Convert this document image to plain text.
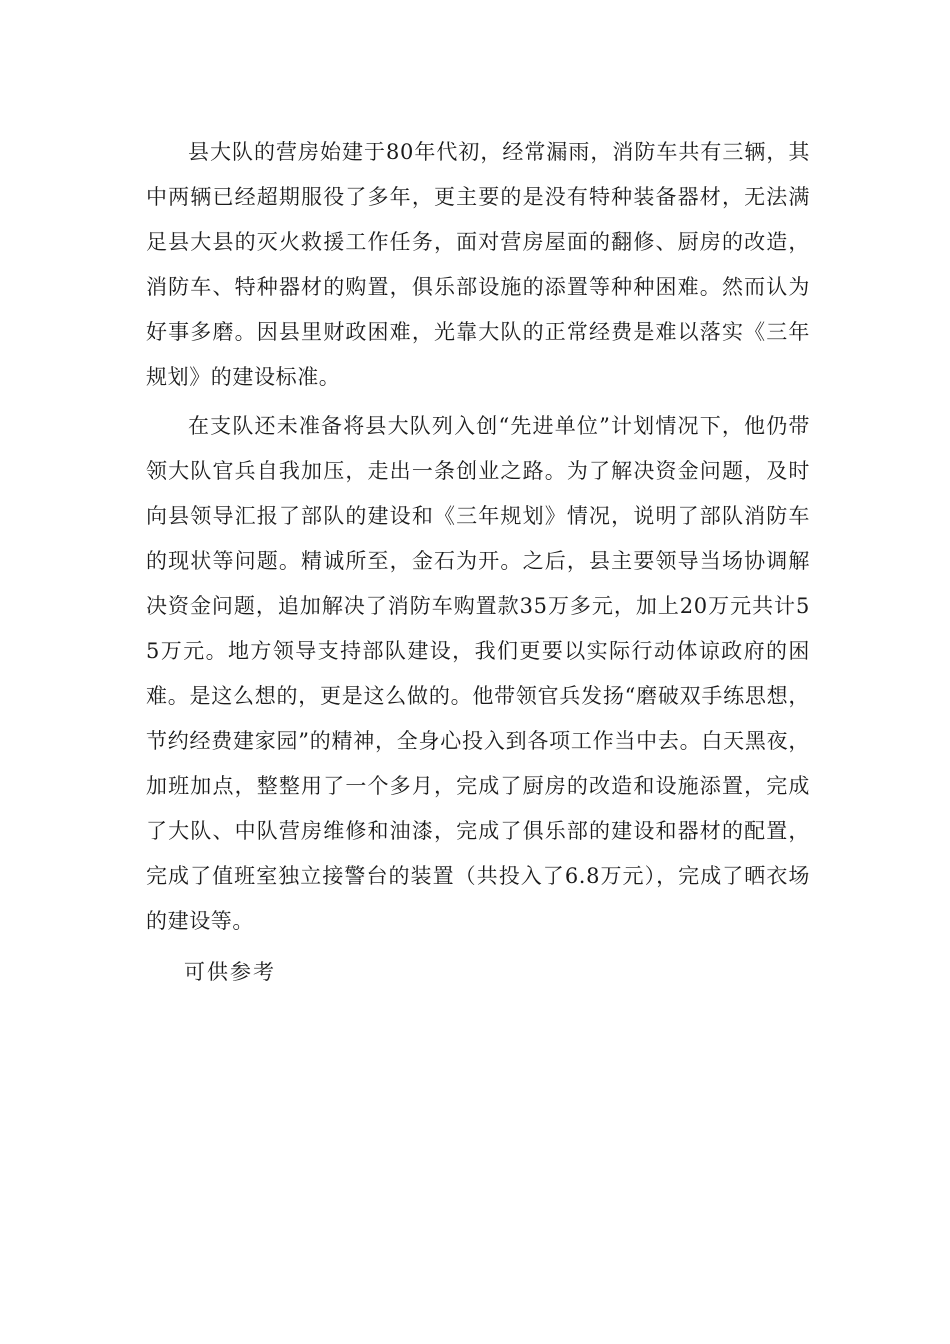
县大队的营房始建于80年代初，经常漏雨，消防车共有三辆，其中两辆已经超期服役了多年，更主要的是没有特种装备器材，无法满足县大县的灭火救援工作任务，面对营房屋面的翻修、厨房的改造，消防车、特种器材的购置，俱乐部设施的添置等种种困难。然而认为好事多磨。因县里财政困难，光靠大队的正常经费是难以落实《三年规划》的建设标准。

在支队还未准备将县大队列入创“先进单位”计划情况下，他仍带领大队官兵自我加压，走出一条创业之路。为了解决资金问题，及时向县领导汇报了部队的建设和《三年规划》情况，说明了部队消防车的现状等问题。精诚所至，金石为开。之后，县主要领导当场协调解决资金问题，追加解决了消防车购置款35万多元，加上20万元共计55万元。地方领导支持部队建设，我们更要以实际行动体谅政府的困难。是这么想的，更是这么做的。他带领官兵发扬“磨破双手练思想，节约经费建家园”的精神，全身心投入到各项工作当中去。白天黑夜，加班加点，整整用了一个多月，完成了厨房的改造和设施添置，完成了大队、中队营房维修和油漆，完成了俱乐部的建设和器材的配置，完成了值班室独立接警台的装置（共投入了6.8万元），完成了晒衣场的建设等。

可供参考
